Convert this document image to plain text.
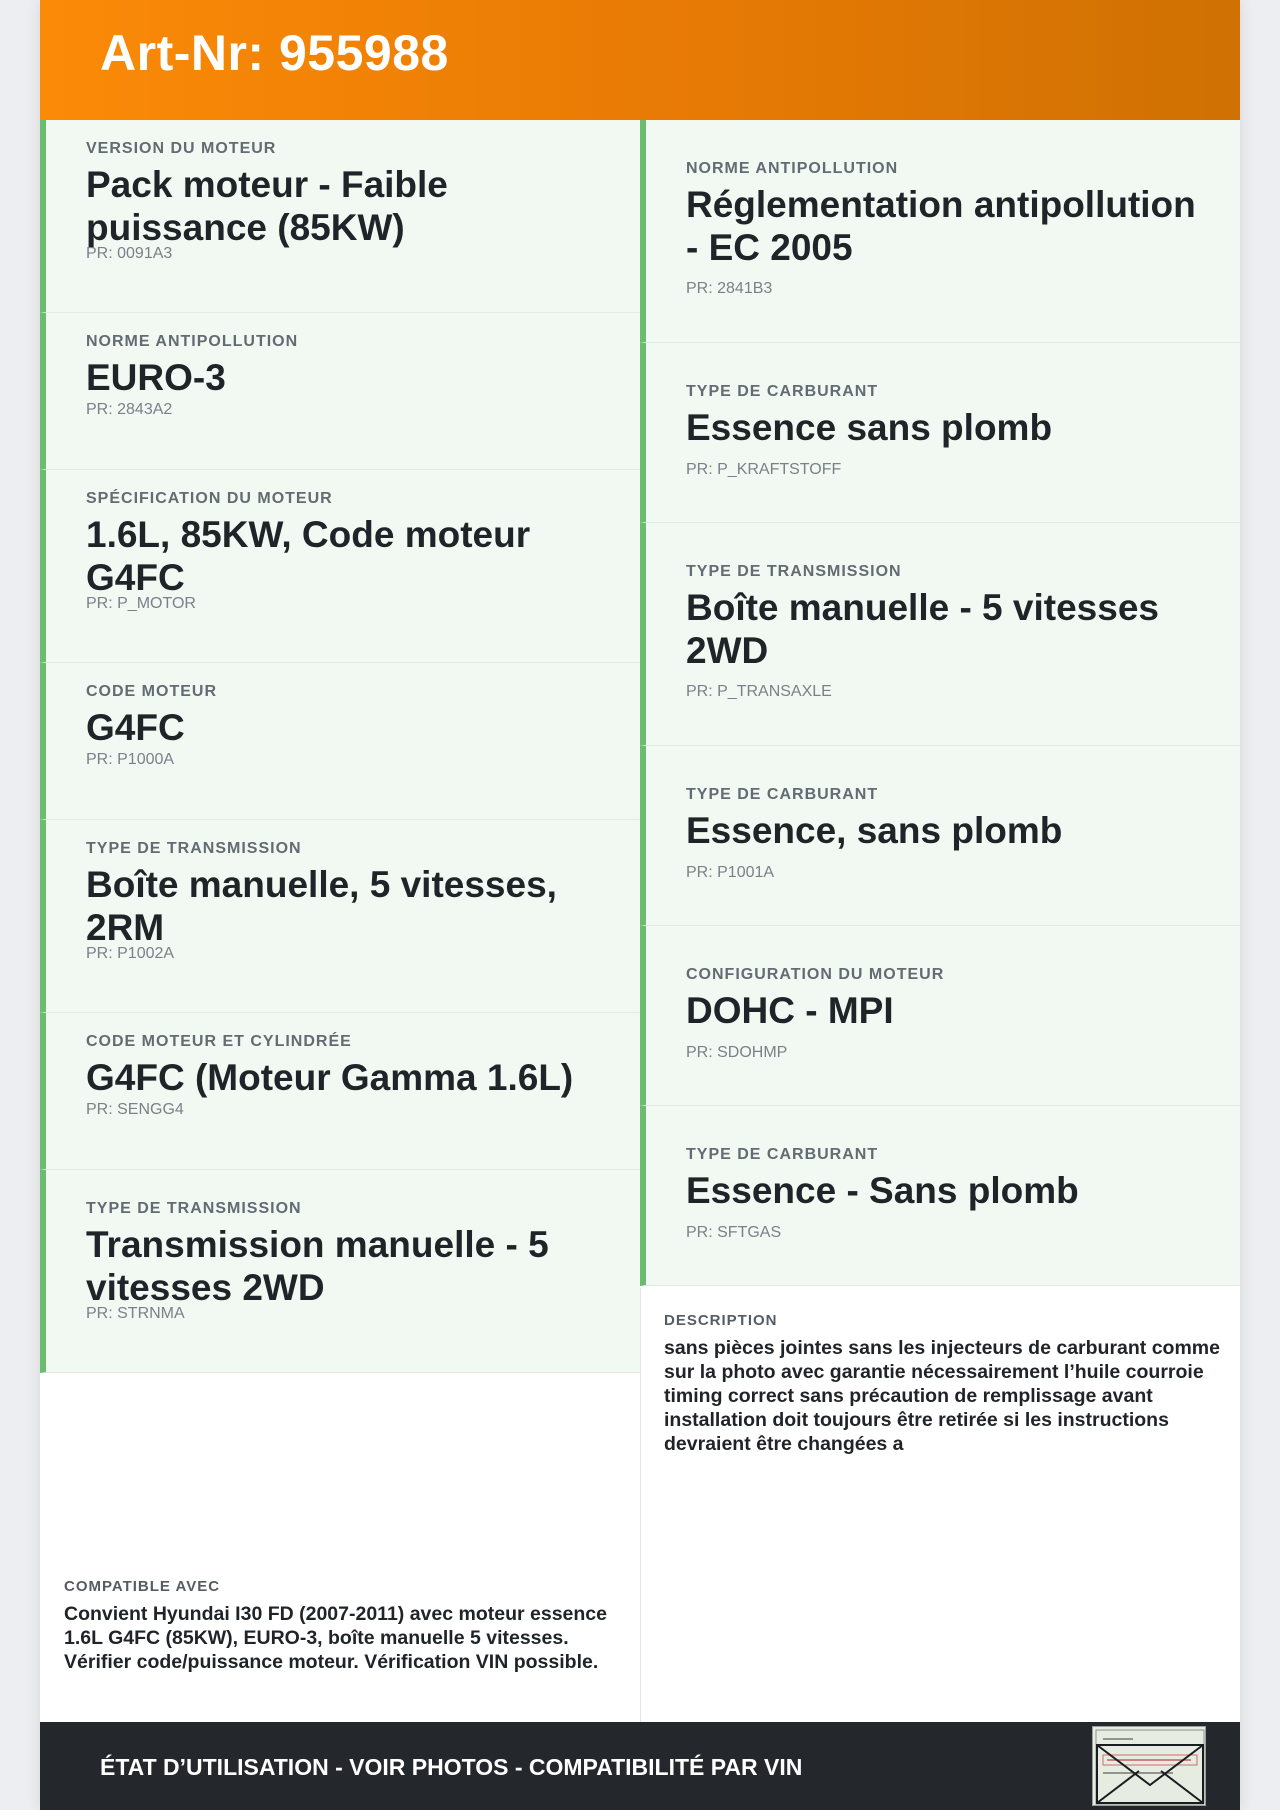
Art-Nr: 955988
VERSION DU MOTEUR
Pack moteur - Faible puissance (85KW)
PR: 0091A3
NORME ANTIPOLLUTION
EURO-3
PR: 2843A2
SPÉCIFICATION DU MOTEUR
1.6L, 85KW, Code moteur G4FC
PR: P_MOTOR
CODE MOTEUR
G4FC
PR: P1000A
TYPE DE TRANSMISSION
Boîte manuelle, 5 vitesses, 2RM
PR: P1002A
CODE MOTEUR ET CYLINDRÉE
G4FC (Moteur Gamma 1.6L)
PR: SENGG4
TYPE DE TRANSMISSION
Transmission manuelle - 5 vitesses 2WD
PR: STRNMA
NORME ANTIPOLLUTION
Réglementation antipollution - EC 2005
PR: 2841B3
TYPE DE CARBURANT
Essence sans plomb
PR: P_KRAFTSTOFF
TYPE DE TRANSMISSION
Boîte manuelle - 5 vitesses 2WD
PR: P_TRANSAXLE
TYPE DE CARBURANT
Essence, sans plomb
PR: P1001A
CONFIGURATION DU MOTEUR
DOHC - MPI
PR: SDOHMP
TYPE DE CARBURANT
Essence - Sans plomb
PR: SFTGAS
DESCRIPTION
sans pièces jointes sans les injecteurs de carburant comme sur la photo avec garantie nécessairement l’huile courroie timing correct sans précaution de remplissage avant installation doit toujours être retirée si les instructions devraient être changées a
COMPATIBLE AVEC
Convient Hyundai I30 FD (2007-2011) avec moteur essence 1.6L G4FC (85KW), EURO-3, boîte manuelle 5 vitesses. Vérifier code/puissance moteur. Vérification VIN possible.
ÉTAT D’UTILISATION - VOIR PHOTOS - COMPATIBILITÉ PAR VIN
